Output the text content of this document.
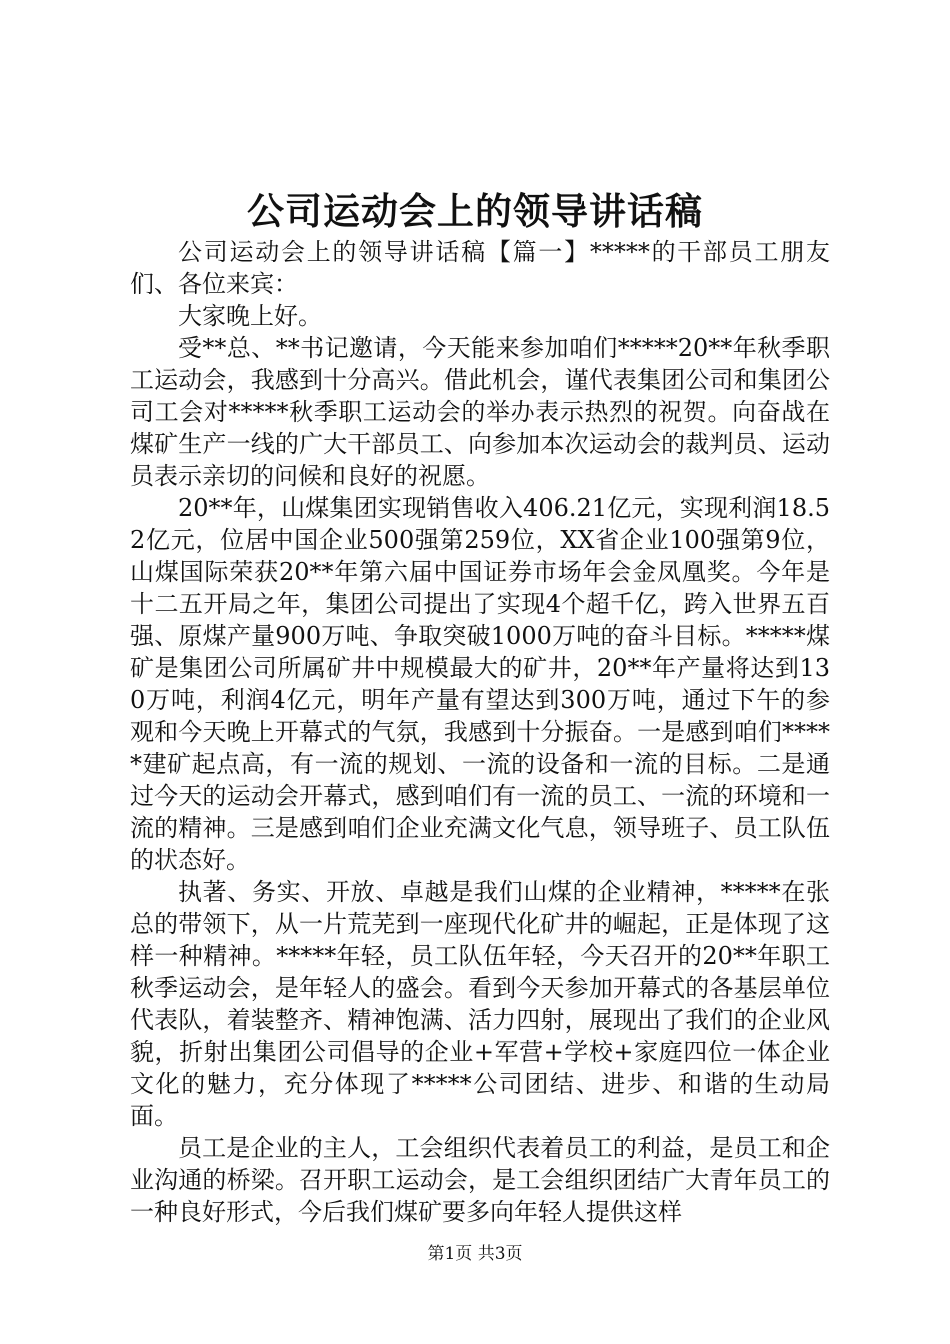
公司运动会上的领导讲话稿

公司运动会上的领导讲话稿【篇一】*****的干部员工朋友们、各位来宾：

大家晚上好。

受**总、**书记邀请，今天能来参加咱们*****20**年秋季职工运动会，我感到十分高兴。借此机会，谨代表集团公司和集团公司工会对*****秋季职工运动会的举办表示热烈的祝贺。向奋战在煤矿生产一线的广大干部员工、向参加本次运动会的裁判员、运动员表示亲切的问候和良好的祝愿。

20**年，山煤集团实现销售收入406.21亿元，实现利润18.52亿元，位居中国企业500强第259位，XX省企业100强第9位，山煤国际荣获20**年第六届中国证券市场年会金凤凰奖。今年是十二五开局之年，集团公司提出了实现4个超千亿，跨入世界五百强、原煤产量900万吨、争取突破1000万吨的奋斗目标。*****煤矿是集团公司所属矿井中规模最大的矿井，20**年产量将达到130万吨，利润4亿元，明年产量有望达到300万吨，通过下午的参观和今天晚上开幕式的气氛，我感到十分振奋。一是感到咱们*****建矿起点高，有一流的规划、一流的设备和一流的目标。二是通过今天的运动会开幕式，感到咱们有一流的员工、一流的环境和一流的精神。三是感到咱们企业充满文化气息，领导班子、员工队伍的状态好。

执著、务实、开放、卓越是我们山煤的企业精神，*****在张总的带领下，从一片荒芜到一座现代化矿井的崛起，正是体现了这样一种精神。*****年轻，员工队伍年轻，今天召开的20**年职工秋季运动会，是年轻人的盛会。看到今天参加开幕式的各基层单位代表队，着装整齐、精神饱满、活力四射，展现出了我们的企业风貌，折射出集团公司倡导的企业+军营+学校+家庭四位一体企业文化的魅力，充分体现了*****公司团结、进步、和谐的生动局面。

员工是企业的主人，工会组织代表着员工的利益，是员工和企业沟通的桥梁。召开职工运动会，是工会组织团结广大青年员工的一种良好形式，今后我们煤矿要多向年轻人提供这样

第1页 共3页
